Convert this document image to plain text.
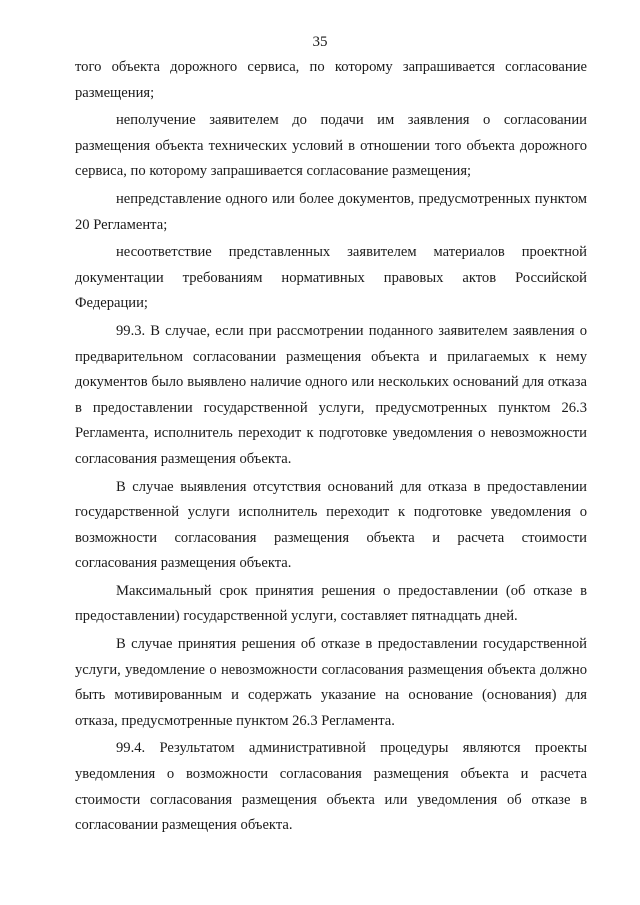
35

того объекта дорожного сервиса, по которому запрашивается согласование размещения;

неполучение заявителем до подачи им заявления о согласовании размещения объекта технических условий в отношении того объекта дорожного сервиса, по которому запрашивается согласование размещения;

непредставление одного или более документов, предусмотренных пунктом 20 Регламента;

несоответствие представленных заявителем материалов проектной документации требованиям нормативных правовых актов Российской Федерации;

99.3. В случае, если при рассмотрении поданного заявителем заявления о предварительном согласовании размещения объекта и прилагаемых к нему документов было выявлено наличие одного или нескольких оснований для отказа в предоставлении государственной услуги, предусмотренных пунктом 26.3 Регламента, исполнитель переходит к подготовке уведомления о невозможности согласования размещения объекта.

В случае выявления отсутствия оснований для отказа в предоставлении государственной услуги исполнитель переходит к подготовке уведомления о возможности согласования размещения объекта и расчета стоимости согласования размещения объекта.

Максимальный срок принятия решения о предоставлении (об отказе в предоставлении) государственной услуги, составляет пятнадцать дней.

В случае принятия решения об отказе в предоставлении государственной услуги, уведомление о невозможности согласования размещения объекта должно быть мотивированным и содержать указание на основание (основания) для отказа, предусмотренные пунктом 26.3 Регламента.

99.4. Результатом административной процедуры являются проекты уведомления о возможности согласования размещения объекта и расчета стоимости согласования размещения объекта или уведомления об отказе в согласовании размещения объекта.
